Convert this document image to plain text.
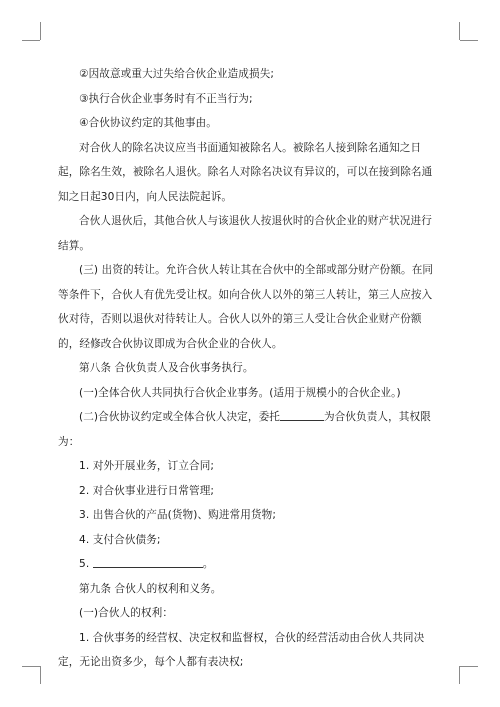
②因故意或重大过失给合伙企业造成损失;

③执行合伙企业事务时有不正当行为;

④合伙协议约定的其他事由。

对合伙人的除名决议应当书面通知被除名人。被除名人接到除名通知之日起，除名生效，被除名人退伙。除名人对除名决议有异议的，可以在接到除名通知之日起30日内，向人民法院起诉。

合伙人退伙后，其他合伙人与该退伙人按退伙时的合伙企业的财产状况进行结算。

(三) 出资的转让。允许合伙人转让其在合伙中的全部或部分财产份额。在同等条件下，合伙人有优先受让权。如向合伙人以外的第三人转让，第三人应按入伙对待，否则以退伙对待转让人。合伙人以外的第三人受让合伙企业财产份额的，经修改合伙协议即成为合伙企业的合伙人。

第八条 合伙负责人及合伙事务执行。

(一)全体合伙人共同执行合伙企业事务。(适用于规模小的合伙企业。)

(二)合伙协议约定或全体合伙人决定，委托	为合伙负责人，其权限为：

1. 对外开展业务，订立合同;

2. 对合伙事业进行日常管理;

3. 出售合伙的产品(货物)、购进常用货物;

4. 支付合伙债务;

5.	。

第九条 合伙人的权利和义务。

(一)合伙人的权利：

1. 合伙事务的经营权、决定权和监督权，合伙的经营活动由合伙人共同决定，无论出资多少，每个人都有表决权;
